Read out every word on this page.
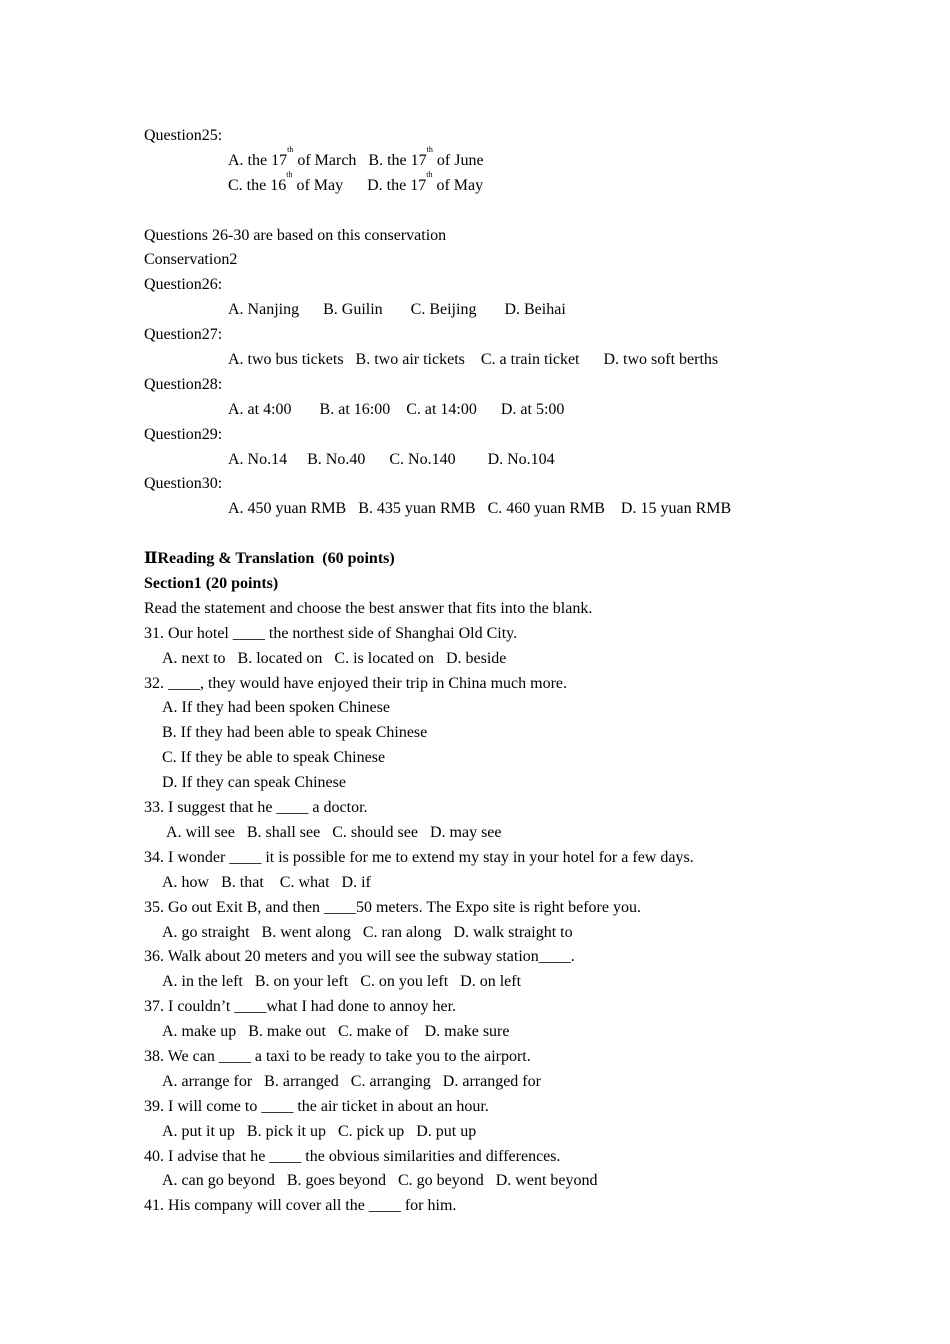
Question25:
A. the 17th of March   B. the 17th of June
C. the 16th of May      D. the 17th of May
Questions 26-30 are based on this conservation
Conservation2
Question26:
A. Nanjing      B. Guilin       C. Beijing       D. Beihai
Question27:
A. two bus tickets   B. two air tickets    C. a train ticket      D. two soft berths
Question28:
A. at 4:00       B. at 16:00    C. at 14:00      D. at 5:00
Question29:
A. No.14     B. No.40      C. No.140        D. No.104
Question30:
A. 450 yuan RMB   B. 435 yuan RMB   C. 460 yuan RMB    D. 15 yuan RMB
ⅡReading & Translation  (60 points)
Section1 (20 points)
Read the statement and choose the best answer that fits into the blank.
31. Our hotel ____ the northest side of Shanghai Old City.
A. next to   B. located on   C. is located on   D. beside
32. ____, they would have enjoyed their trip in China much more.
A. If they had been spoken Chinese
B. If they had been able to speak Chinese
C. If they be able to speak Chinese
D. If they can speak Chinese
33. I suggest that he ____ a doctor.
A. will see   B. shall see   C. should see   D. may see
34. I wonder ____ it is possible for me to extend my stay in your hotel for a few days.
A. how   B. that    C. what   D. if
35. Go out Exit B, and then ____50 meters. The Expo site is right before you.
A. go straight   B. went along   C. ran along   D. walk straight to
36. Walk about 20 meters and you will see the subway station____.
A. in the left   B. on your left   C. on you left   D. on left
37. I couldn’t ____what I had done to annoy her.
A. make up   B. make out   C. make of    D. make sure
38. We can ____ a taxi to be ready to take you to the airport.
A. arrange for   B. arranged   C. arranging   D. arranged for
39. I will come to ____ the air ticket in about an hour.
A. put it up   B. pick it up   C. pick up   D. put up
40. I advise that he ____ the obvious similarities and differences.
A. can go beyond   B. goes beyond   C. go beyond   D. went beyond
41. His company will cover all the ____ for him.
